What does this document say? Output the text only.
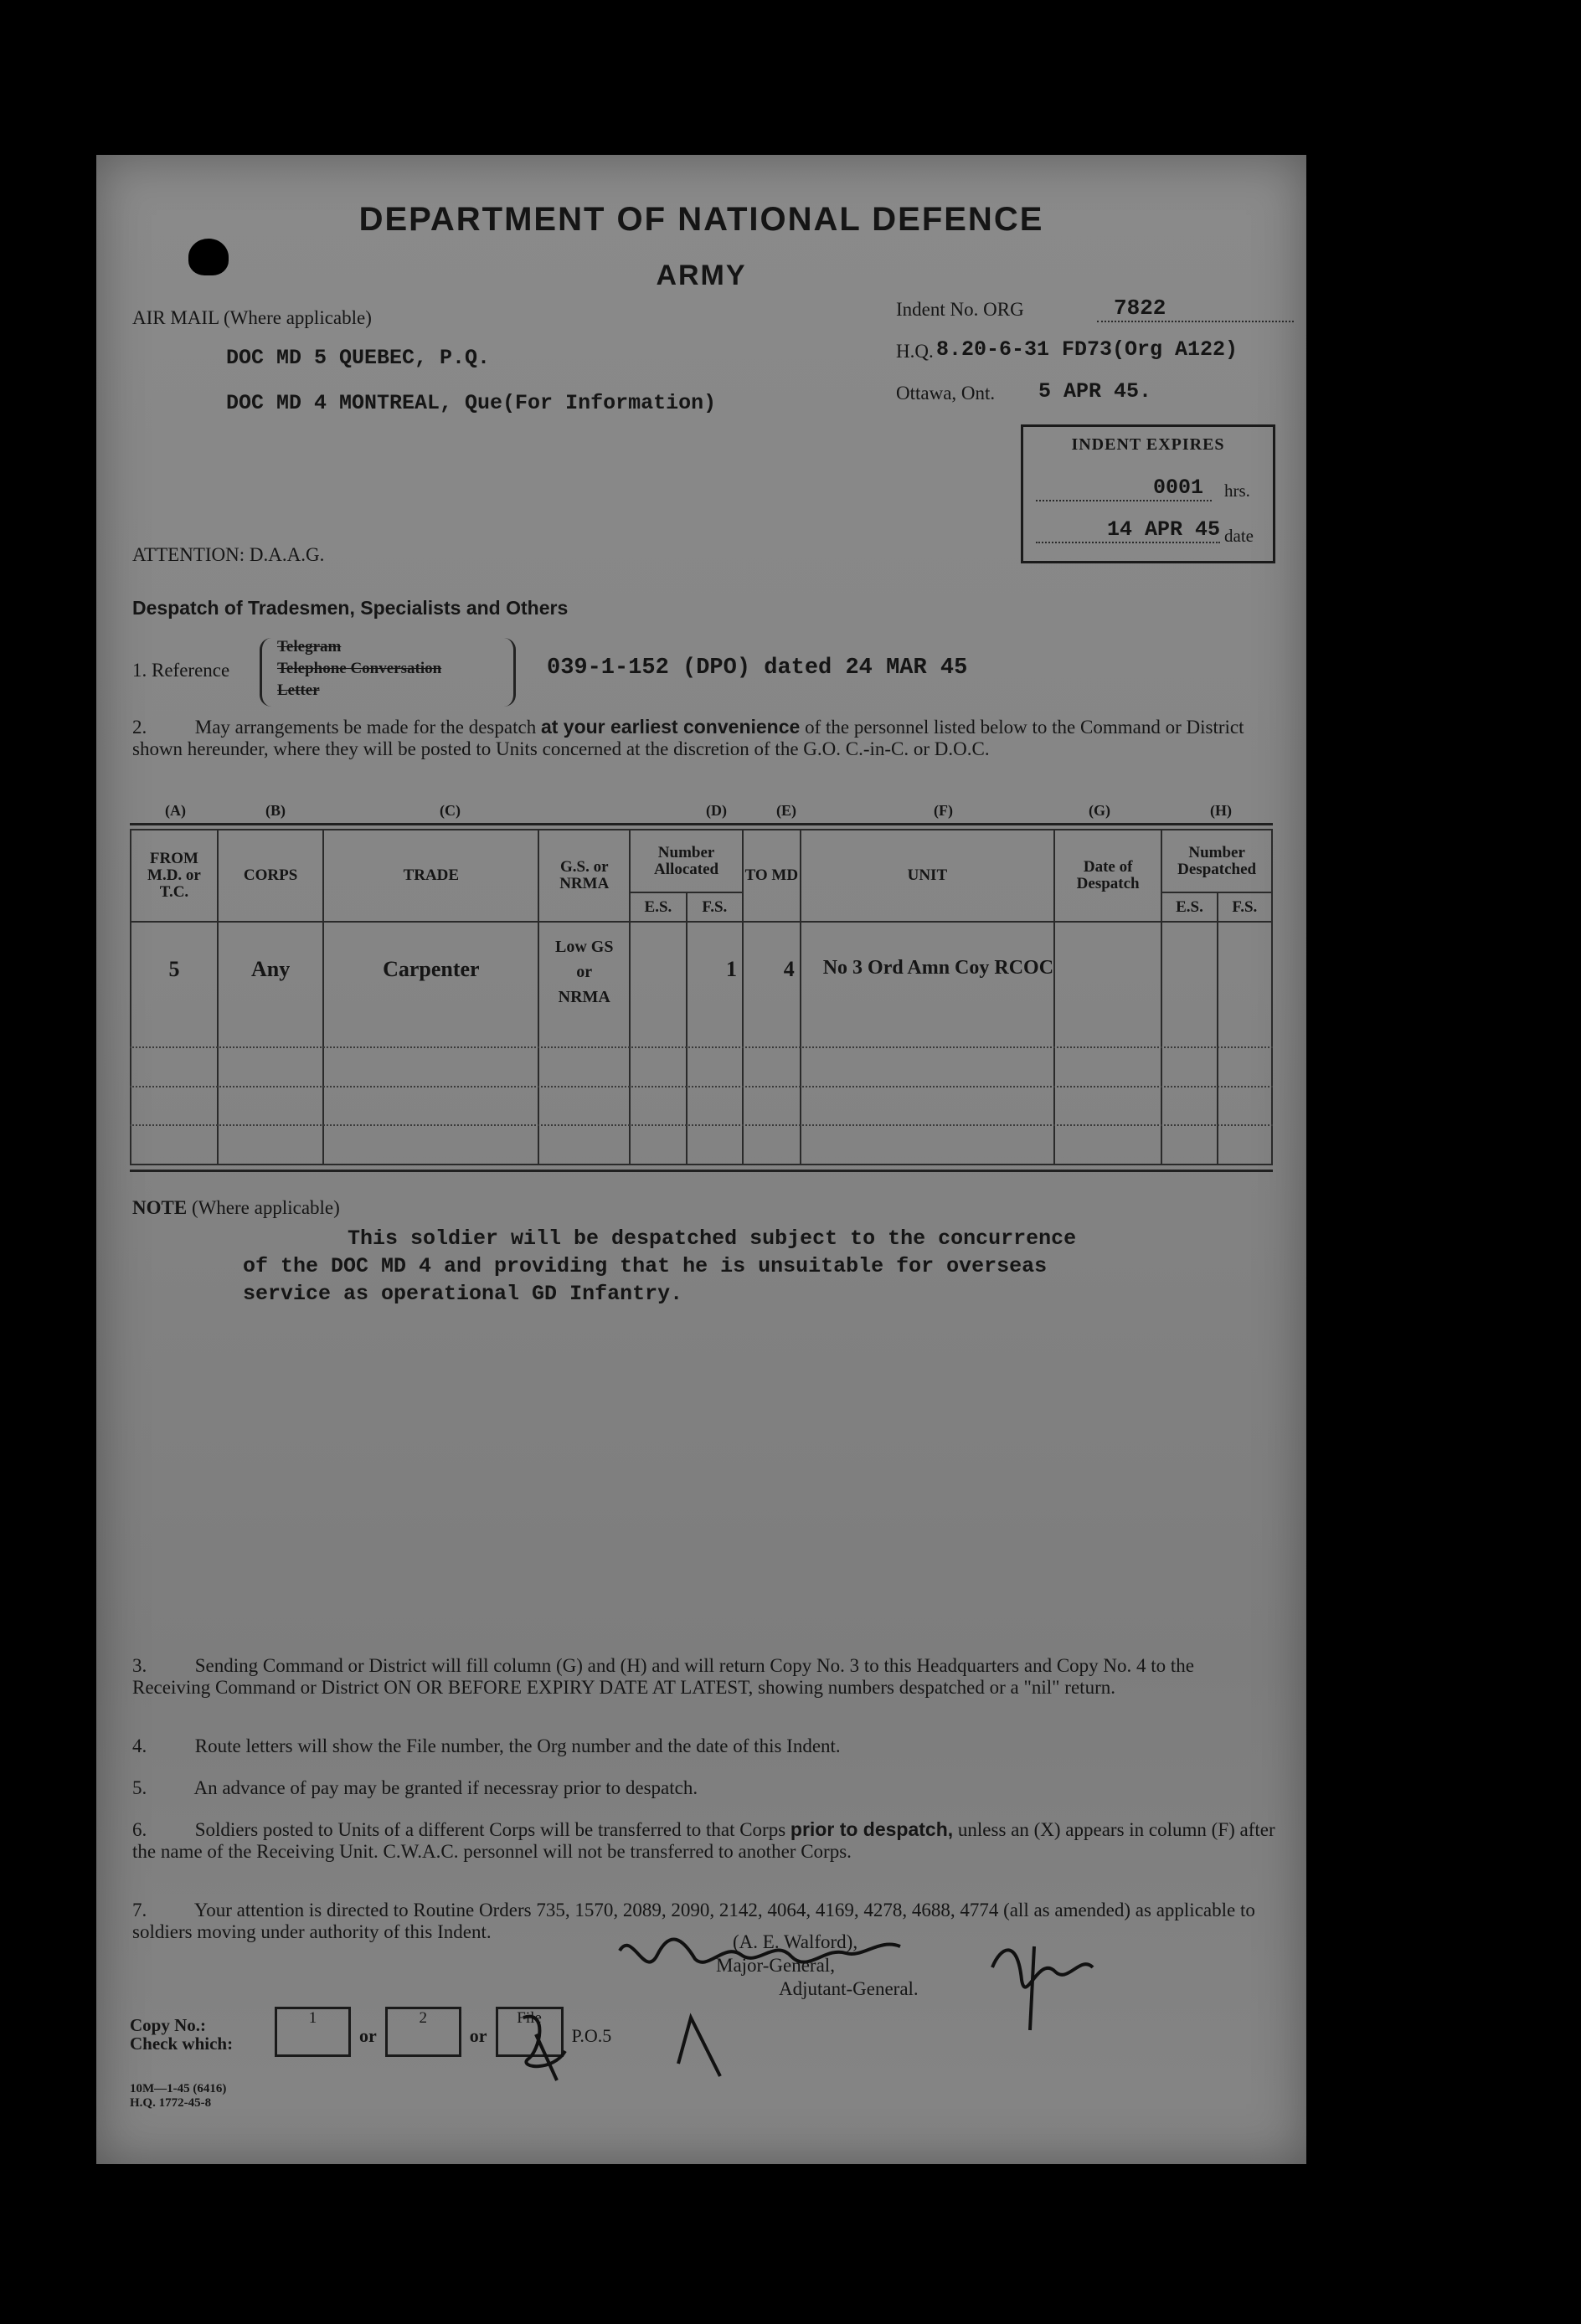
DEPARTMENT OF NATIONAL DEFENCE
ARMY
AIR MAIL (Where applicable)
DOC MD 5 QUEBEC, P.Q.
DOC MD 4 MONTREAL, Que(For Information)
ATTENTION: D.A.A.G.
Indent No. ORG	7822
H.Q. 8.20-6-31 FD73(Org A122)
Ottawa, Ont. 5 APR 45.
INDENT EXPIRES
0001	hrs.
14 APR 45 date
Despatch of Tradesmen, Specialists and Others
1. Reference
Telegram
Telephone Conversation
Letter
039-1-152 (DPO) dated 24 MAR 45
2.	May arrangements be made for the despatch at your earliest convenience of the personnel listed below to the Command or District shown hereunder, where they will be posted to Units concerned at the discretion of the G.O. C.-in-C. or D.O.C.
(A)	(B)	(C)	(D)	(E)	(F)	(G)	(H)
FROM M.D. or T.C.	CORPS	TRADE	G.S. or NRMA	Number Allocated		TO MD	UNIT	Date of Despatch	Number Despatched	
				E.S.	F.S.				E.S.	F.S.
5	Any	Carpenter	Low GS
or
NRMA		1	4	No 3 Ord Amn Coy RCOC			
NOTE (Where applicable)
This soldier will be despatched subject to the concurrence
of the DOC MD 4 and providing that he is unsuitable for overseas
service as operational GD Infantry.
3.	Sending Command or District will fill column (G) and (H) and will return Copy No. 3 to this Headquarters and Copy No. 4 to the Receiving Command or District ON OR BEFORE EXPIRY DATE AT LATEST, showing numbers despatched or a "nil" return.
4.	Route letters will show the File number, the Org number and the date of this Indent.
5. An advance of pay may be granted if necessray prior to despatch.
6.	Soldiers posted to Units of a different Corps will be transferred to that Corps prior to despatch, unless an (X) appears in column (F) after the name of the Receiving Unit. C.W.A.C. personnel will not be transferred to another Corps.
7. Your attention is directed to Routine Orders 735, 1570, 2089, 2090, 2142, 4064, 4169, 4278, 4688, 4774 (all as amended) as applicable to soldiers moving under authority of this Indent.	(A. E. Walford),
Major-General,
Adjutant-General.
Copy No.:
Check which:
1 or 2 or File P.O.5
10M—1-45 (6416)
H.Q. 1772-45-8
